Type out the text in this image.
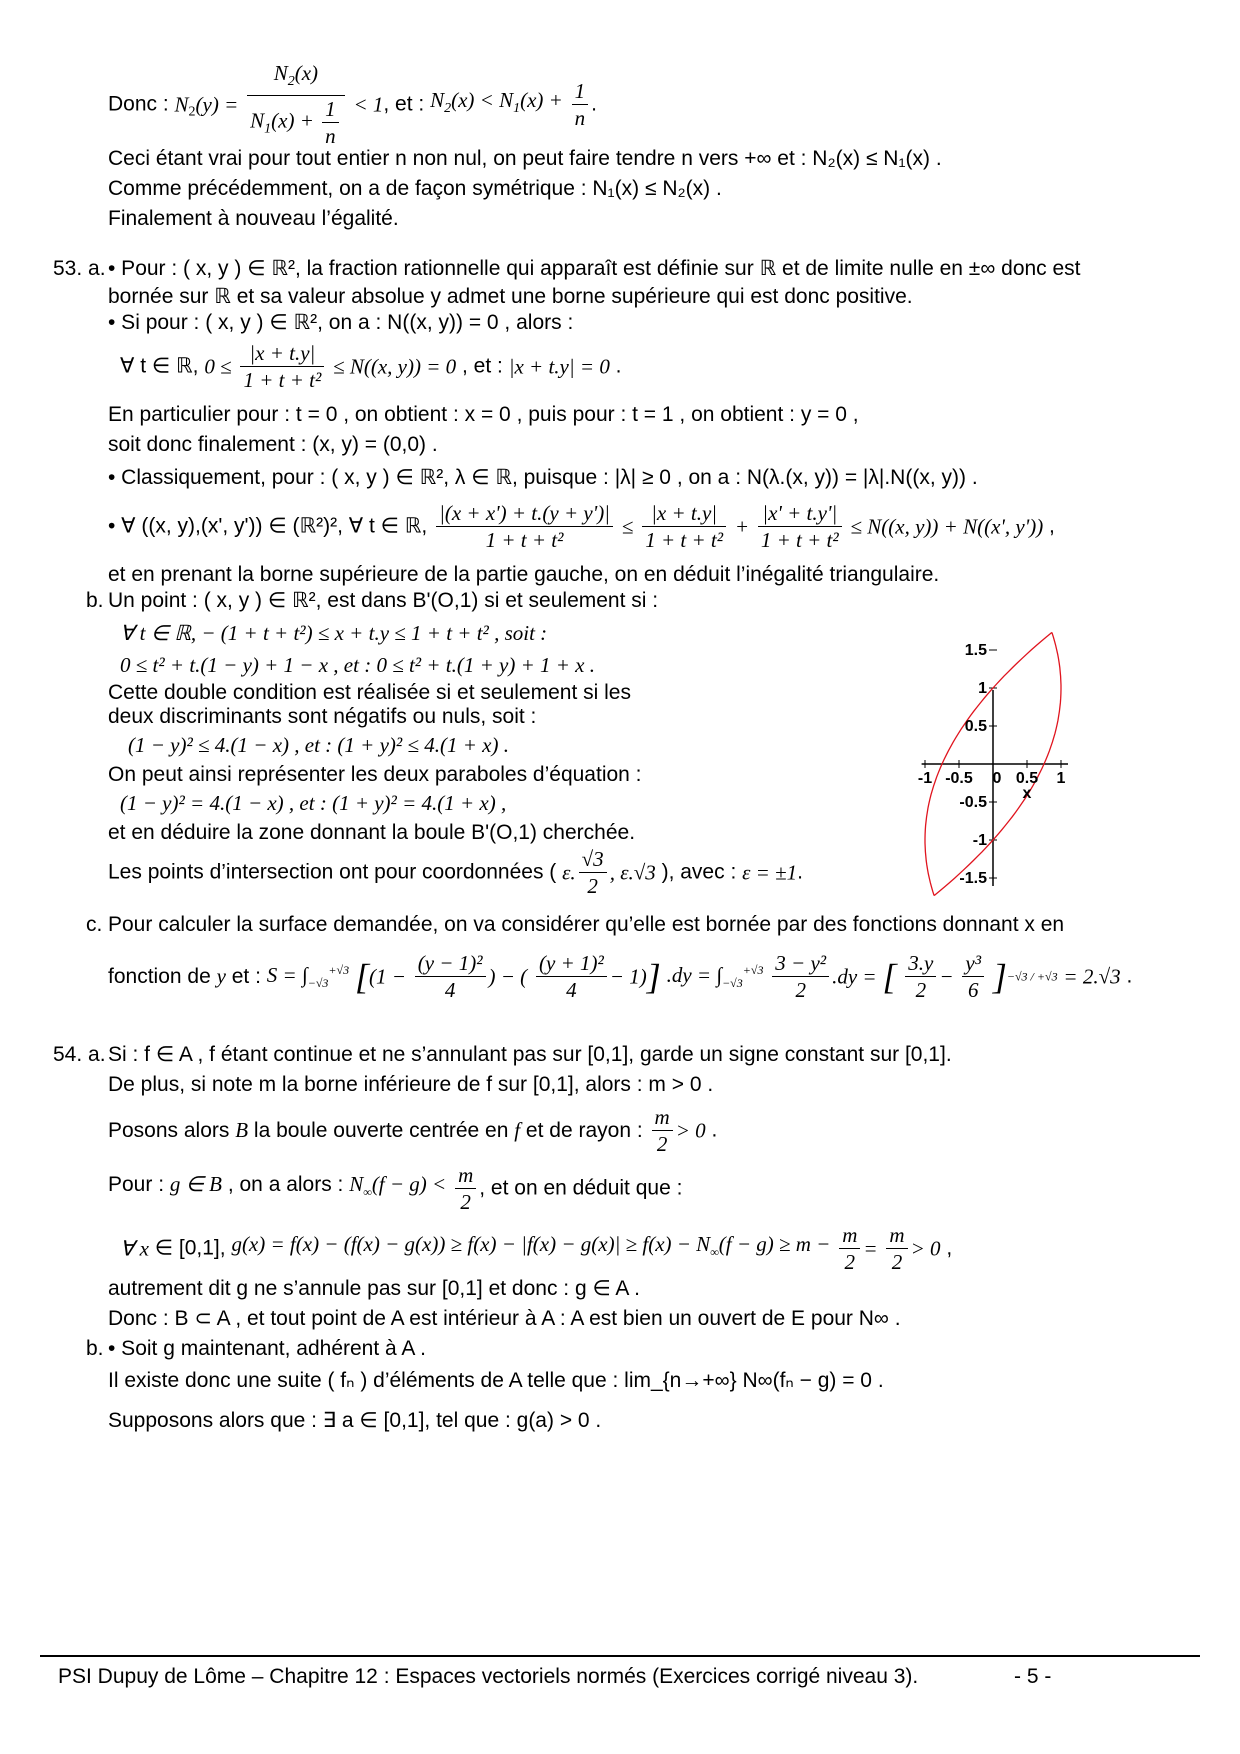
Donc : $N_2(y) = \frac{N_2(x)}{N_1(x) + \frac{1}{n}} < 1$, et : $N_2(x) < N_1(x) + \frac{1}{n}$ .
Ceci étant vrai pour tout entier n non nul, on peut faire tendre n vers +∞ et : N₂(x) ≤ N₁(x) .
Comme précédemment, on a de façon symétrique : N₁(x) ≤ N₂(x) .
Finalement à nouveau l’égalité.
53. a. • Pour : ( x, y ) ∈ ℝ², la fraction rationnelle qui apparaît est définie sur ℝ et de limite nulle en ±∞ donc est
bornée sur ℝ et sa valeur absolue y admet une borne supérieure qui est donc positive.
• Si pour : ( x, y ) ∈ ℝ², on a : N((x, y)) = 0 , alors :
∀ t ∈ ℝ, $0 \le \frac{|x + t.y|}{\text{1 + t + t²}} \le N((x$, y)) = 0 , et : |x + t.y| = 0 .
En particulier pour : t = 0 , on obtient : x = 0 , puis pour : t = 1 , on obtient : y = 0 ,
soit donc finalement : (x, y) = (0,0) .
• Classiquement, pour : ( x, y ) ∈ ℝ², λ ∈ ℝ, puisque : |λ| ≥ 0 , on a : N(λ.(x, y)) = |λ|.N((x, y)) .
• ∀ ((x, y),(x', y')) ∈ (ℝ²)², ∀ t ∈ ℝ, $\frac{|(x + x') + t.(y + y')|}{\text{1 + t + t²}} \le \frac{|x + t.y|}{\text{1 + t + t²}} + \frac{|x' + t.y'|}{\text{1 + t + t²}} \le N((x$, y)) + N((x', y')) ,
et en prenant la borne supérieure de la partie gauche, on en déduit l’inégalité triangulaire.
b. Un point : ( x, y ) ∈ ℝ², est dans B'(O,1) si et seulement si :
∀ t ∈ ℝ, − (1 + t + t²) ≤ x + t.y ≤ 1 + t + t² , soit :
0 ≤ t² + t.(1 − y) + 1 − x , et : 0 ≤ t² + t.(1 + y) + 1 + x .
Cette double condition est réalisée si et seulement si les
deux discriminants sont négatifs ou nuls, soit :
(1 − y)² ≤ 4.(1 − x) , et : (1 + y)² ≤ 4.(1 + x) .
On peut ainsi représenter les deux paraboles d’équation :
(1 − y)² = 4.(1 − x) , et : (1 + y)² = 4.(1 + x) ,
et en déduire la zone donnant la boule B'(O,1) cherchée.
Les points d’intersection ont pour coordonnées ( ε. $\frac{√3}{2}$ , ε.√3 ), avec : ε = ±1.
1.5
1
0.5
-0.5
-1
-1.5
-1 -0.5 0 0.5 1
x
c. Pour calculer la surface demandée, on va considérer qu’elle est bornée par des fonctions donnant x en
fonction de y et : $S = \int_{-√3}^{+√3}$ [($1 - \frac{\text{(y − 1)²}}{4}$ ) − ( $\frac{\text{(y + 1)²}}{4} - 1$)] $.dy = \int_{-√3}^{+√3} \frac{\text{3 − y²}}{2} .dy$ = [ $\frac{3.y}{2} - \frac{\text{y³}}{6} ]-√3 / +√3 = 2.√3$ .
54. a. Si : f ∈ A , f étant continue et ne s’annulant pas sur [0,1], garde un signe constant sur [0,1].
De plus, si note m la borne inférieure de f sur [0,1], alors : m > 0 .
Posons alors B la boule ouverte centrée en f et de rayon : $\frac{m}{2} > 0$ .
Pour : g ∈ B , on a alors : $N_\infty(f - g) < \frac{m}{2}$ , et on en déduit que :
∀ x ∈ [0,1], $g(x) = f(x) - (f(x) - g(x)) \ge f(x) - |f(x) - g(x)| \ge f(x) - N_\infty(f - g) \ge m - \frac{m}{2} = \frac{m}{2} > 0$ ,
autrement dit g ne s’annule pas sur [0,1] et donc : g ∈ A .
Donc : B ⊂ A , et tout point de A est intérieur à A : A est bien un ouvert de E pour N∞ .
b. • Soit g maintenant, adhérent à A .
Il existe donc une suite ( fₙ ) d’éléments de A telle que : lim_{n→+∞} N∞(fₙ − g) = 0 .
Supposons alors que : ∃ a ∈ [0,1], tel que : g(a) > 0 .
PSI Dupuy de Lôme – Chapitre 12 : Espaces vectoriels normés (Exercices corrigé niveau 3).	- 5 -
